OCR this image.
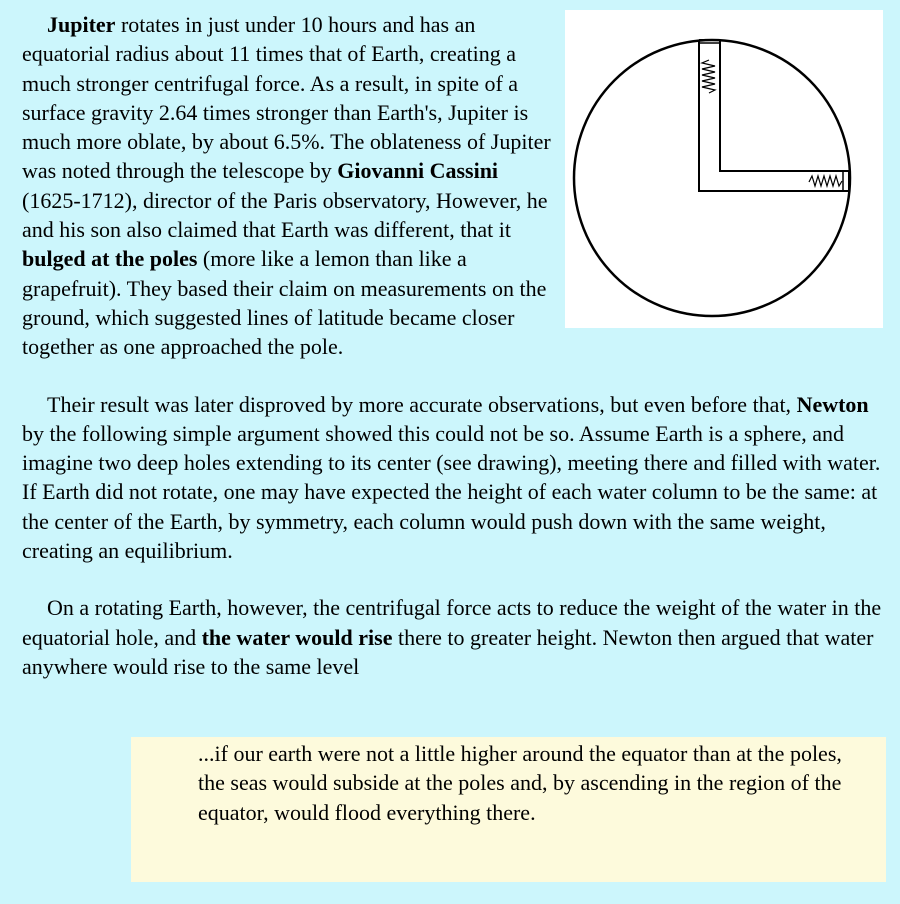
Jupiter rotates in just under 10 hours and has an equatorial radius about 11 times that of Earth, creating a much stronger centrifugal force. As a result, in spite of a surface gravity 2.64 times stronger than Earth's, Jupiter is much more oblate, by about 6.5%. The oblateness of Jupiter was noted through the telescope by Giovanni Cassini (1625-1712), director of the Paris observatory, However, he and his son also claimed that Earth was different, that it bulged at the poles (more like a lemon than like a grapefruit). They based their claim on measurements on the ground, which suggested lines of latitude became closer together as one approached the pole.

Their result was later disproved by more accurate observations, but even before that, Newton by the following simple argument showed this could not be so. Assume Earth is a sphere, and imagine two deep holes extending to its center (see drawing), meeting there and filled with water. If Earth did not rotate, one may have expected the height of each water column to be the same: at the center of the Earth, by symmetry, each column would push down with the same weight, creating an equilibrium.

On a rotating Earth, however, the centrifugal force acts to reduce the weight of the water in the equatorial hole, and the water would rise there to greater height. Newton then argued that water anywhere would rise to the same level

...if our earth were not a little higher around the equator than at the poles, the seas would subside at the poles and, by ascending in the region of the equator, would flood everything there.
